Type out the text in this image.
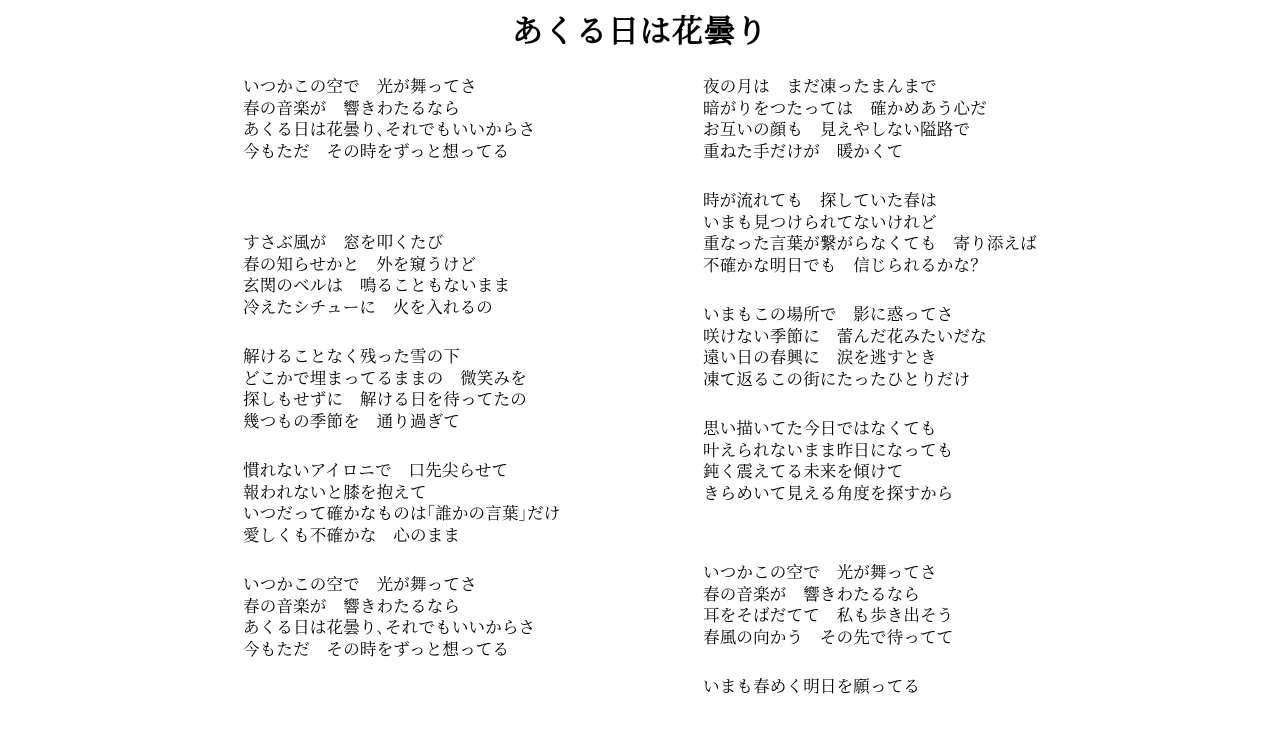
あくる日は花曇り
いつかこの空で　光が舞ってさ
春の音楽が　響きわたるなら
あくる日は花曇り､それでもいいからさ
今もただ　その時をずっと想ってる
すさぶ風が　窓を叩くたび
春の知らせかと　外を窺うけど
玄関のベルは　鳴ることもないまま
冷えたシチューに　火を入れるの
解けることなく残った雪の下
どこかで埋まってるままの　微笑みを
探しもせずに　解ける日を待ってたの
幾つもの季節を　通り過ぎて
慣れないアイロニで　口先尖らせて
報われないと膝を抱えて
いつだって確かなものは｢誰かの言葉｣だけ
愛しくも不確かな　心のまま
いつかこの空で　光が舞ってさ
春の音楽が　響きわたるなら
あくる日は花曇り､それでもいいからさ
今もただ　その時をずっと想ってる
夜の月は　まだ凍ったまんまで
暗がりをつたっては　確かめあう心だ
お互いの顔も　見えやしない隘路で
重ねた手だけが　暖かくて
時が流れても　探していた春は
いまも見つけられてないけれど
重なった言葉が繋がらなくても　寄り添えば
不確かな明日でも　信じられるかな？
いまもこの場所で　影に惑ってさ
咲けない季節に　蕾んだ花みたいだな
遠い日の春興に　涙を逃すとき
凍て返るこの街にたったひとりだけ
思い描いてた今日ではなくても
叶えられないまま昨日になっても
鈍く震えてる未来を傾けて
きらめいて見える角度を探すから
いつかこの空で　光が舞ってさ
春の音楽が　響きわたるなら
耳をそばだてて　私も歩き出そう
春風の向かう　その先で待ってて
いまも春めく明日を願ってる
